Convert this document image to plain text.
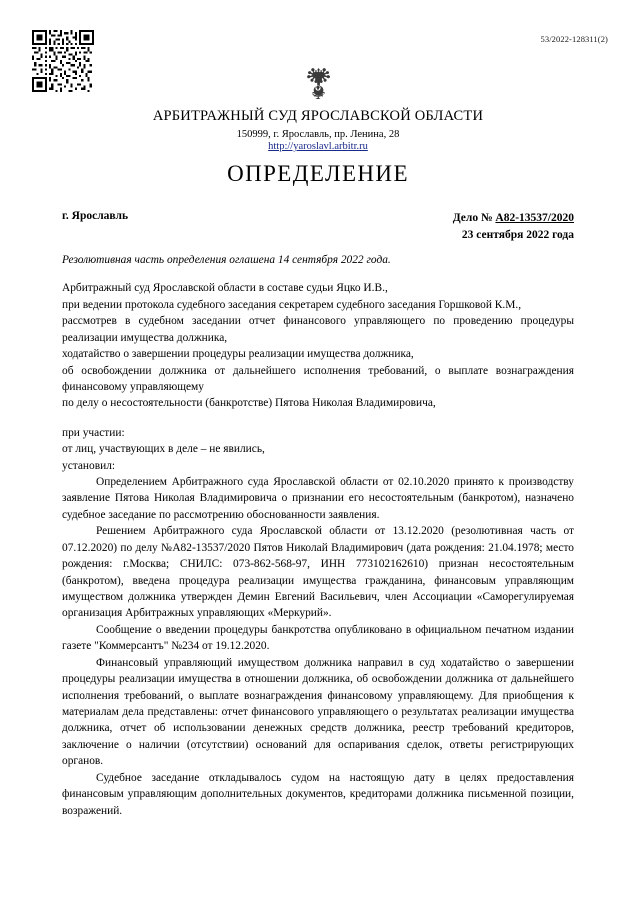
53/2022-128311(2)
АРБИТРАЖНЫЙ СУД ЯРОСЛАВСКОЙ ОБЛАСТИ
150999, г. Ярославль, пр. Ленина, 28
http://yaroslavl.arbitr.ru
ОПРЕДЕЛЕНИЕ
г. Ярославль	Дело № А82-13537/2020
23 сентября 2022 года

Резолютивная часть определения оглашена 14 сентября 2022 года.

Арбитражный суд Ярославской области в составе судьи Яцко И.В.,

при ведении протокола судебного заседания секретарем судебного заседания Горшковой К.М.,

рассмотрев в судебном заседании отчет финансового управляющего по проведению процедуры реализации имущества должника,

ходатайство о завершении процедуры реализации имущества должника,

об освобождении должника от дальнейшего исполнения требований, о выплате вознаграждения финансовому управляющему

по делу о несостоятельности (банкротстве) Пятова Николая Владимировича,

при участии:

от лиц, участвующих в деле – не явились,

установил:

Определением Арбитражного суда Ярославской области от 02.10.2020 принято к производству заявление Пятова Николая Владимировича о признании его несостоятельным (банкротом), назначено судебное заседание по рассмотрению обоснованности заявления.

Решением Арбитражного суда Ярославской области от 13.12.2020 (резолютивная часть от 07.12.2020) по делу №А82-13537/2020 Пятов Николай Владимирович (дата рождения: 21.04.1978; место рождения: г.Москва; СНИЛС: 073-862-568-97, ИНН 773102162610) признан несостоятельным (банкротом), введена процедура реализации имущества гражданина, финансовым управляющим имуществом должника утвержден Демин Евгений Васильевич, член Ассоциации «Саморегулируемая организация Арбитражных управляющих «Меркурий».

Сообщение о введении процедуры банкротства опубликовано в официальном печатном издании газете "Коммерсантъ" №234 от 19.12.2020.

Финансовый управляющий имуществом должника направил в суд ходатайство о завершении процедуры реализации имущества в отношении должника, об освобождении должника от дальнейшего исполнения требований, о выплате вознаграждения финансовому управляющему. Для приобщения к материалам дела представлены: отчет финансового управляющего о результатах реализации имущества должника, отчет об использовании денежных средств должника, реестр требований кредиторов, заключение о наличии (отсутствии) оснований для оспаривания сделок, ответы регистрирующих органов.

Судебное заседание откладывалось судом на настоящую дату в целях предоставления финансовым управляющим дополнительных документов, кредиторами должника письменной позиции, возражений.
